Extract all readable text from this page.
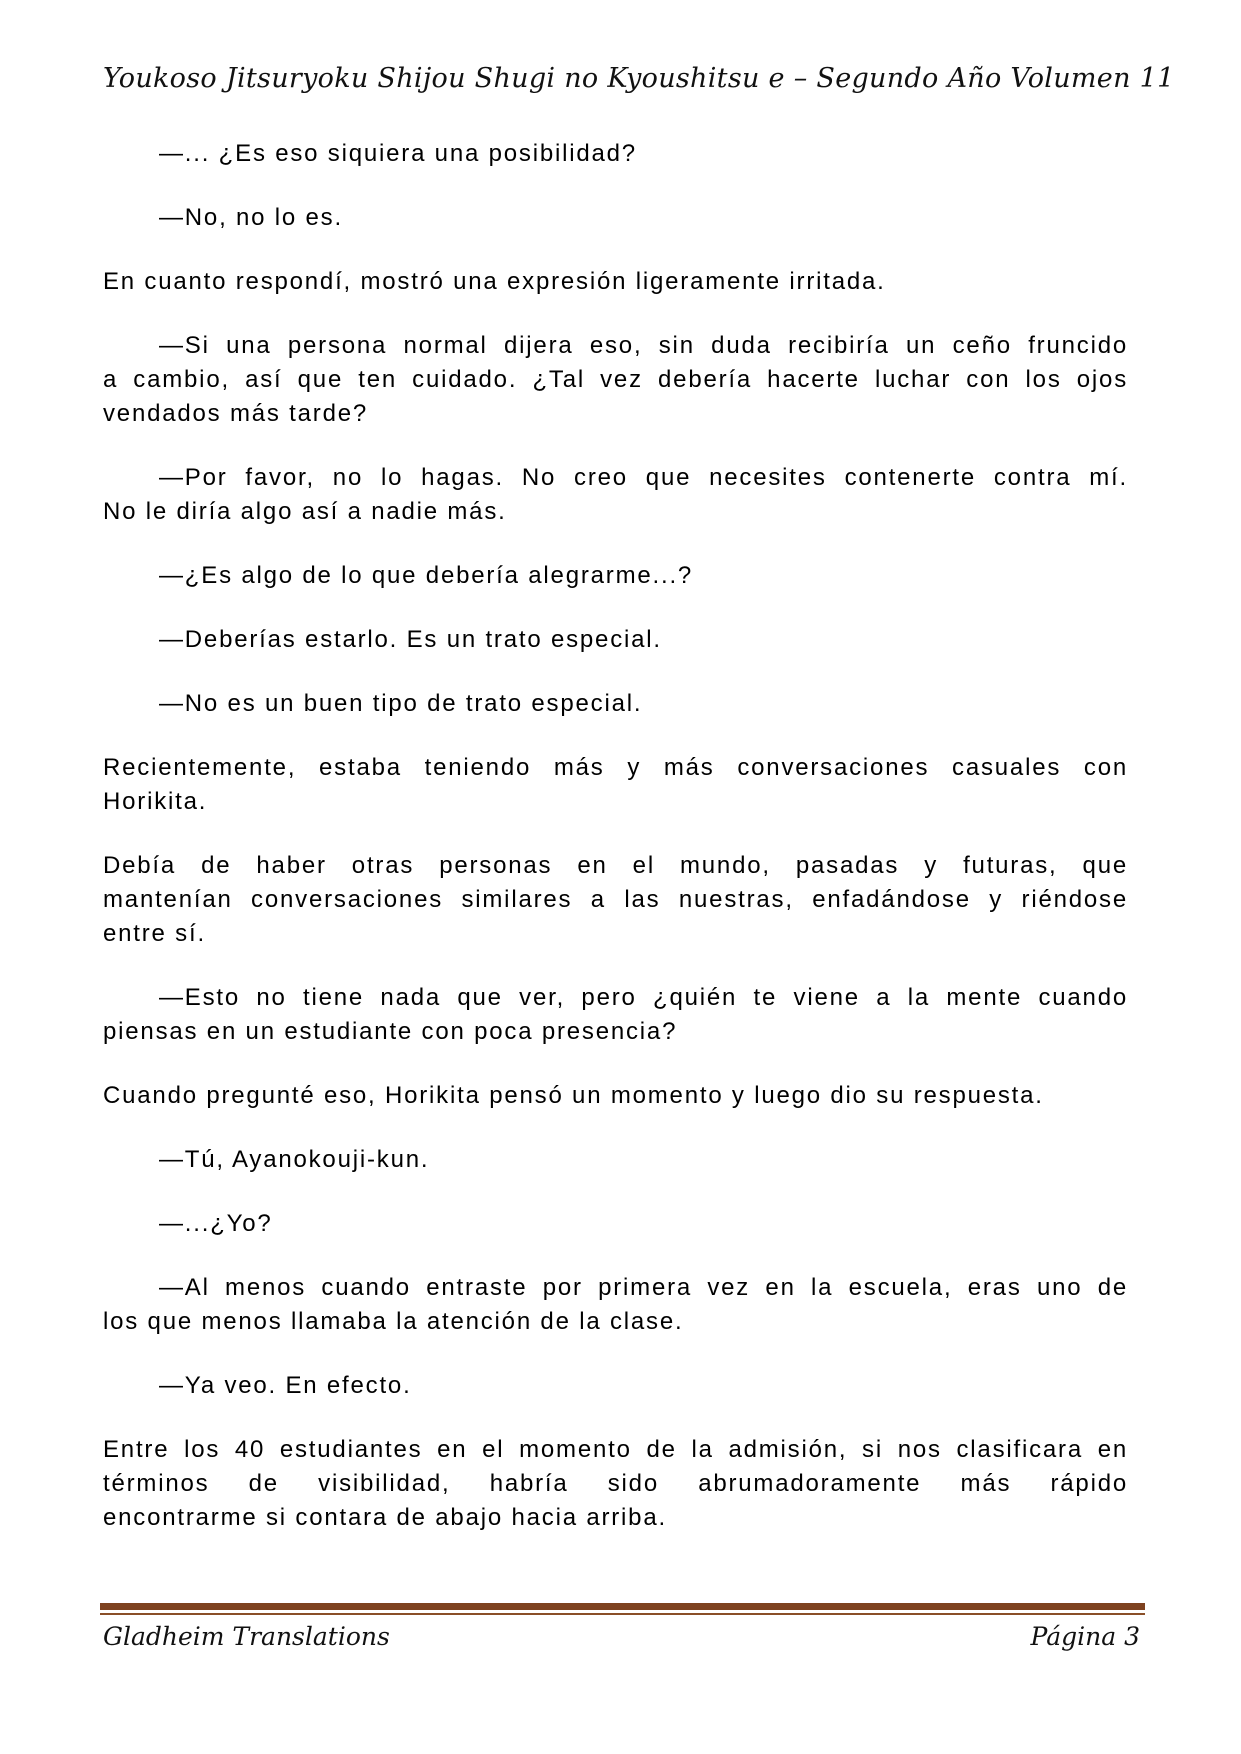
Youkoso Jitsuryoku Shijou Shugi no Kyoushitsu e – Segundo Año Volumen 11

—... ¿Es eso siquiera una posibilidad?

—No, no lo es.

En cuanto respondí, mostró una expresión ligeramente irritada.

—Si una persona normal dijera eso, sin duda recibiría un ceño fruncido
a cambio, así que ten cuidado. ¿Tal vez debería hacerte luchar con los ojos
vendados más tarde?

—Por favor, no lo hagas. No creo que necesites contenerte contra mí.
No le diría algo así a nadie más.

—¿Es algo de lo que debería alegrarme...?

—Deberías estarlo. Es un trato especial.

—No es un buen tipo de trato especial.

Recientemente, estaba teniendo más y más conversaciones casuales con
Horikita.

Debía de haber otras personas en el mundo, pasadas y futuras, que
mantenían conversaciones similares a las nuestras, enfadándose y riéndose
entre sí.

—Esto no tiene nada que ver, pero ¿quién te viene a la mente cuando
piensas en un estudiante con poca presencia?

Cuando pregunté eso, Horikita pensó un momento y luego dio su respuesta.

—Tú, Ayanokouji-kun.

—...¿Yo?

—Al menos cuando entraste por primera vez en la escuela, eras uno de
los que menos llamaba la atención de la clase.

—Ya veo. En efecto.

Entre los 40 estudiantes en el momento de la admisión, si nos clasificara en
términos de visibilidad, habría sido abrumadoramente más rápido
encontrarme si contara de abajo hacia arriba.

Gladheim Translations	Página 3
